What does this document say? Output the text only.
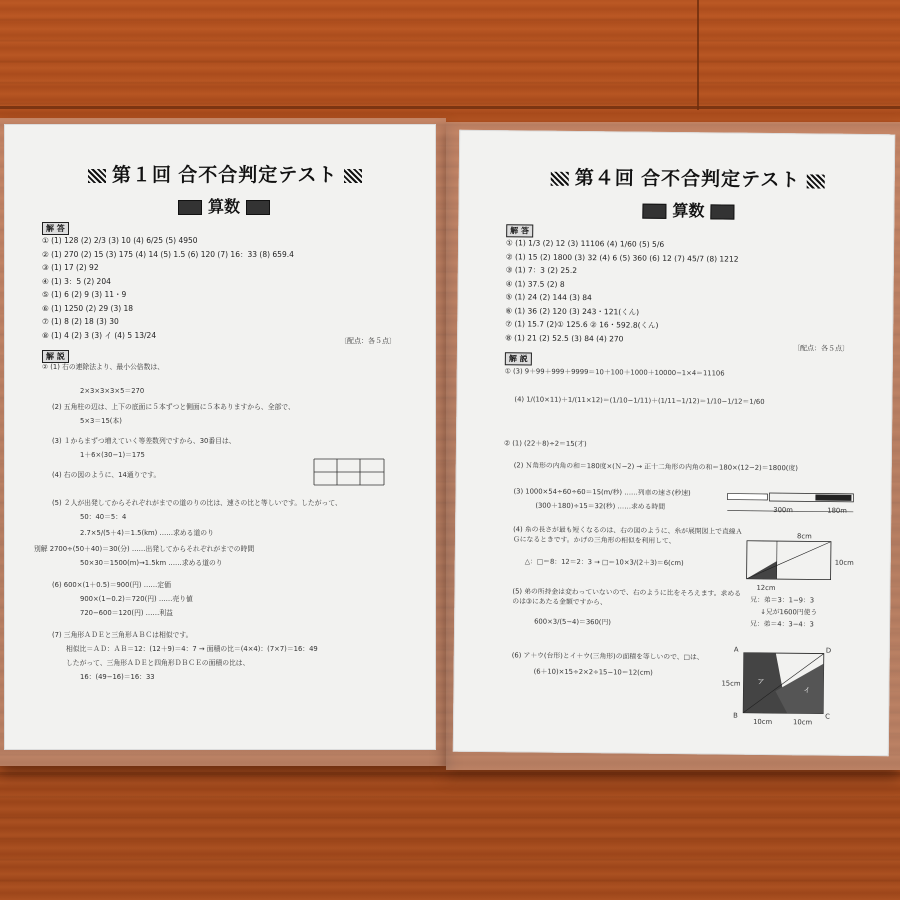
第１回 合不合判定テスト
算数
解 答
① (1) 128 (2) 2/3 (3) 10 (4) 6/25 (5) 4950
② (1) 270 (2) 15 (3) 175 (4) 14 (5) 1.5 (6) 120 (7) 16：33 (8) 659.4
③ (1) 17 (2) 92
④ (1) 3：5 (2) 204
⑤ (1) 6 (2) 9 (3) 11・9
⑥ (1) 1250 (2) 29 (3) 18
⑦ (1) 8 (2) 18 (3) 30
⑧ (1) 4 (2) 3 (3) イ (4) 5 13/24
〔配点：各５点〕
解 説
② (1) 右の連除法より、最小公倍数は、
2×3×3×3×5＝270
(2) 五角柱の辺は、上下の底面に５本ずつと側面に５本ありますから、全部で、
5×3＝15(本)
(3) １からまずつ増えていく等差数列ですから、30番目は、
1＋6×(30−1)＝175
(4) 右の図のように、14通りです。
(5) ２人が出発してからそれぞれがまでの道のりの比は、速さの比と等しいです。したがって、
50：40＝5：4
2.7×5/(5＋4)＝1.5(km) ……求める道のり
別解 2700÷(50＋40)＝30(分) ……出発してからそれぞれがまでの時間
50×30＝1500(m)→1.5km ……求める道のり
(6) 600×(1＋0.5)＝900(円) ……定価
900×(1−0.2)＝720(円) ……売り値
720−600＝120(円) ……利益
(7) 三角形ＡＤＥと三角形ＡＢＣは相似です。
相似比＝ＡＤ：ＡＢ＝12：(12＋9)＝4：7 → 面積の比＝(4×4)：(7×7)＝16：49
したがって、三角形ＡＤＥと四角形ＤＢＣＥの面積の比は、
16：(49−16)＝16：33
第４回 合不合判定テスト
算数
解 答
① (1) 1/3 (2) 12 (3) 11106 (4) 1/60 (5) 5/6
② (1) 15 (2) 1800 (3) 32 (4) 6 (5) 360 (6) 12 (7) 45/7 (8) 1212
③ (1) 7：3 (2) 25.2
④ (1) 37.5 (2) 8
⑤ (1) 24 (2) 144 (3) 84
⑥ (1) 36 (2) 120 (3) 243・121(くん)
⑦ (1) 15.7 (2)① 125.6 ② 16・592.8(くん)
⑧ (1) 21 (2) 52.5 (3) 84 (4) 270
〔配点：各５点〕
解 説
① (3) 9＋99＋999＋9999＝10＋100＋1000＋10000−1×4＝11106
(4) 1/(10×11)＋1/(11×12)＝(1/10−1/11)＋(1/11−1/12)＝1/10−1/12＝1/60
② (1) (22＋8)÷2＝15(才)
(2) Ｎ角形の内角の和＝180度×(Ｎ−2) → 正十二角形の内角の和＝180×(12−2)＝1800(度)
(3) 1000×54÷60÷60＝15(m/秒) ……列車の速さ(秒速)
(300＋180)÷15＝32(秒) ……求める時間
(4) 糸の長さが最も短くなるのは、右の図のように、糸が展開図上で直線ＡＧになるときです。かげの三角形の相似を利用して、
△：□＝8：12＝2：3 → □＝10×3/(2＋3)＝6(cm)
(5) 弟の所持金は変わっていないので、右のように比をそろえます。求めるのは③にあたる金額ですから、
600×3/(5−4)＝360(円)
(6) ア＋ウ(台形)とイ＋ウ(三角形)の面積を等しいので、□は、
(6＋10)×15÷2×2÷15−10＝12(cm)
兄：弟＝3：1−9：3
↓兄が1600円使う
兄：弟＝4：3−4：3
300m	180m
8cm
12cm
10cm
ア
イ
A
B	C
D
15cm
10cm	10cm
